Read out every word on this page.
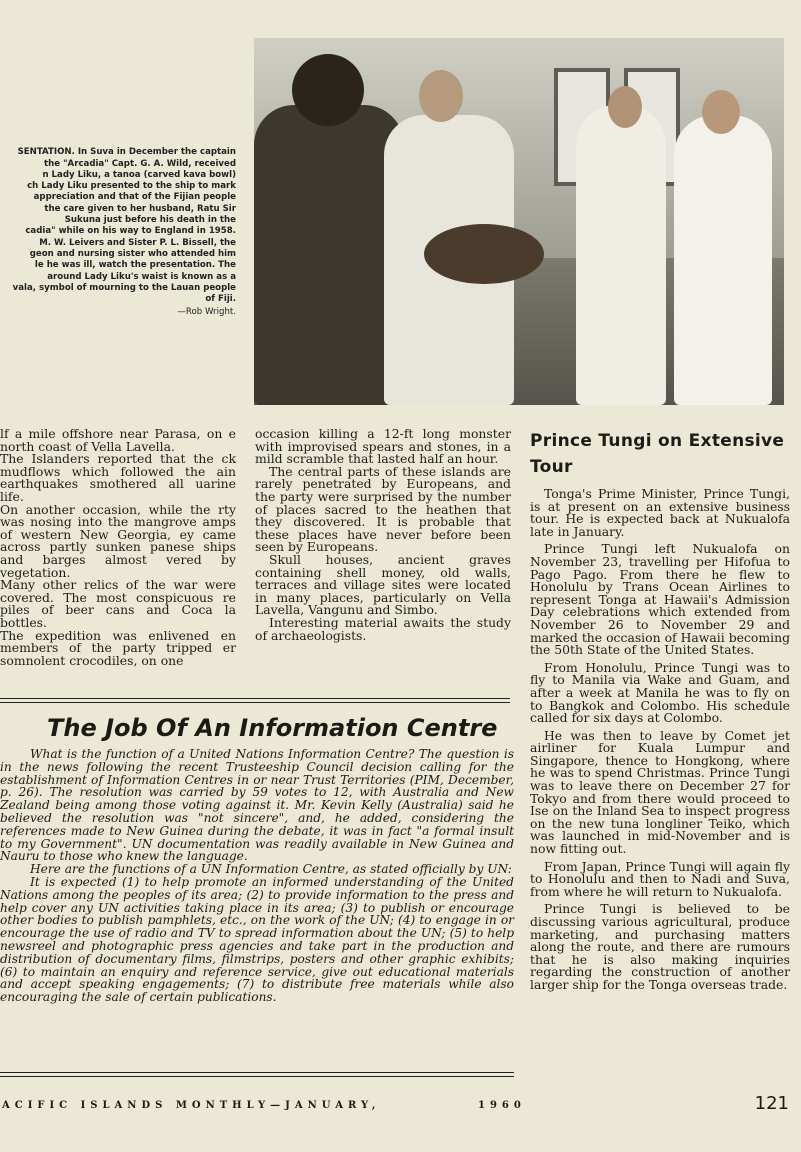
SENTATION. In Suva in December the captain
the "Arcadia" Capt. G. A. Wild, received
n Lady Liku, a tanoa (carved kava bowl)
ch Lady Liku presented to the ship to mark
appreciation and that of the Fijian people
the care given to her husband, Ratu Sir
Sukuna just before his death in the
cadia" while on his way to England in 1958.
M. W. Leivers and Sister P. L. Bissell, the
geon and nursing sister who attended him
le he was ill, watch the presentation. The
around Lady Liku's waist is known as a
vala, symbol of mourning to the Lauan people
of Fiji.

—Rob Wright.

lf a mile offshore near Parasa, on e north coast of Vella Lavella.

The Islanders reported that the ck mudflows which followed the ain earthquakes smothered all uarine life.

On another occasion, while the rty was nosing into the mangrove amps of western New Georgia, ey came across partly sunken panese ships and barges almost vered by vegetation.

Many other relics of the war were covered. The most conspicuous re piles of beer cans and Coca la bottles.

The expedition was enlivened en members of the party tripped er somnolent crocodiles, on one

occasion killing a 12-ft long monster with improvised spears and stones, in a mild scramble that lasted half an hour.

The central parts of these islands are rarely penetrated by Europeans, and the party were surprised by the number of places sacred to the heathen that they discovered. It is probable that these places have never before been seen by Europeans.

Skull houses, ancient graves containing shell money, old walls, terraces and village sites were located in many places, particularly on Vella Lavella, Vangunu and Simbo.

Interesting material awaits the study of archaeologists.

Prince Tungi on Extensive Tour

Tonga's Prime Minister, Prince Tungi, is at present on an extensive business tour. He is expected back at Nukualofa late in January.

Prince Tungi left Nukualofa on November 23, travelling per Hifofua to Pago Pago. From there he flew to Honolulu by Trans Ocean Airlines to represent Tonga at Hawaii's Admission Day celebrations which extended from November 26 to November 29 and marked the occasion of Hawaii becoming the 50th State of the United States.

From Honolulu, Prince Tungi was to fly to Manila via Wake and Guam, and after a week at Manila he was to fly on to Bangkok and Colombo. His schedule called for six days at Colombo.

He was then to leave by Comet jet airliner for Kuala Lumpur and Singapore, thence to Hongkong, where he was to spend Christmas. Prince Tungi was to leave there on December 27 for Tokyo and from there would proceed to Ise on the Inland Sea to inspect progress on the new tuna longliner Teiko, which was launched in mid-November and is now fitting out.

From Japan, Prince Tungi will again fly to Honolulu and then to Nadi and Suva, from where he will return to Nukualofa.

Prince Tungi is believed to be discussing various agricultural, produce marketing, and purchasing matters along the route, and there are rumours that he is also making inquiries regarding the construction of another larger ship for the Tonga overseas trade.

The Job Of An Information Centre

What is the function of a United Nations Information Centre? The question is in the news following the recent Trusteeship Council decision calling for the establishment of Information Centres in or near Trust Territories (PIM, December, p. 26). The resolution was carried by 59 votes to 12, with Australia and New Zealand being among those voting against it. Mr. Kevin Kelly (Australia) said he believed the resolution was "not sincere", and, he added, considering the references made to New Guinea during the debate, it was in fact "a formal insult to my Government". UN documentation was readily available in New Guinea and Nauru to those who knew the language.

Here are the functions of a UN Information Centre, as stated officially by UN:

It is expected (1) to help promote an informed understanding of the United Nations among the peoples of its area; (2) to provide information to the press and help cover any UN activities taking place in its area; (3) to publish or encourage other bodies to publish pamphlets, etc., on the work of the UN; (4) to engage in or encourage the use of radio and TV to spread information about the UN; (5) to help newsreel and photographic press agencies and take part in the production and distribution of documentary films, filmstrips, posters and other graphic exhibits; (6) to maintain an enquiry and reference service, give out educational materials and accept speaking engagements; (7) to distribute free materials while also encouraging the sale of certain publications.

ACIFIC ISLANDS MONTHLY—JANUARY,	1960	121
